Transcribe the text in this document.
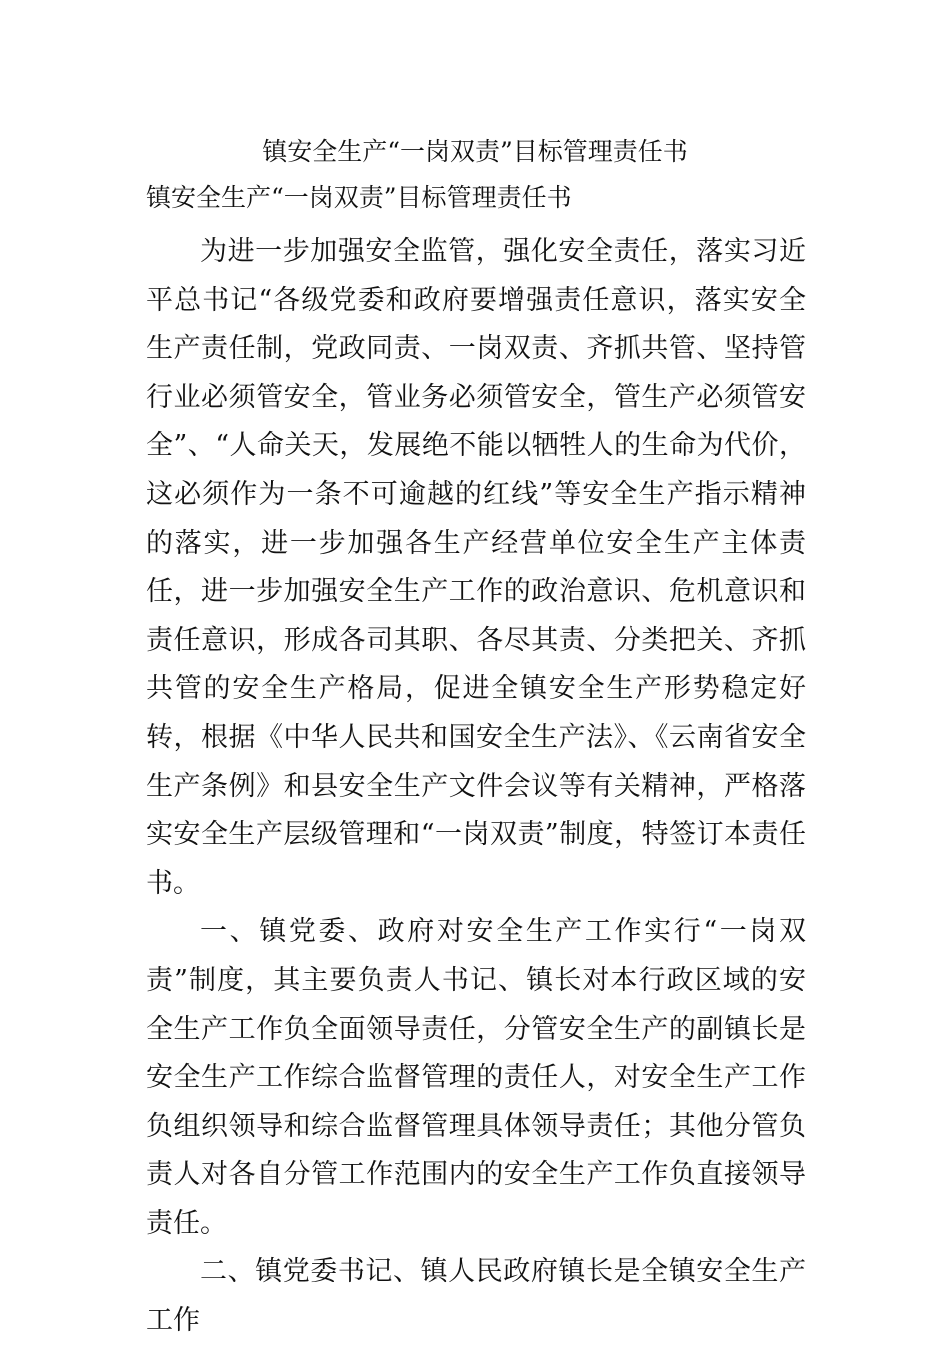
镇安全生产“一岗双责”目标管理责任书
镇安全生产“一岗双责”目标管理责任书

为进一步加强安全监管，强化安全责任，落实习近平总书记“各级党委和政府要增强责任意识，落实安全生产责任制，党政同责、一岗双责、齐抓共管、坚持管行业必须管安全，管业务必须管安全，管生产必须管安全”、“人命关天，发展绝不能以牺牲人的生命为代价，这必须作为一条不可逾越的红线”等安全生产指示精神的落实，进一步加强各生产经营单位安全生产主体责任，进一步加强安全生产工作的政治意识、危机意识和责任意识，形成各司其职、各尽其责、分类把关、齐抓共管的安全生产格局，促进全镇安全生产形势稳定好转，根据《中华人民共和国安全生产法》、《云南省安全生产条例》和县安全生产文件会议等有关精神，严格落实安全生产层级管理和“一岗双责”制度，特签订本责任书。

一、镇党委、政府对安全生产工作实行“一岗双责”制度，其主要负责人书记、镇长对本行政区域的安全生产工作负全面领导责任，分管安全生产的副镇长是安全生产工作综合监督管理的责任人，对安全生产工作负组织领导和综合监督管理具体领导责任；其他分管负责人对各自分管工作范围内的安全生产工作负直接领导责任。

二、镇党委书记、镇人民政府镇长是全镇安全生产工作
